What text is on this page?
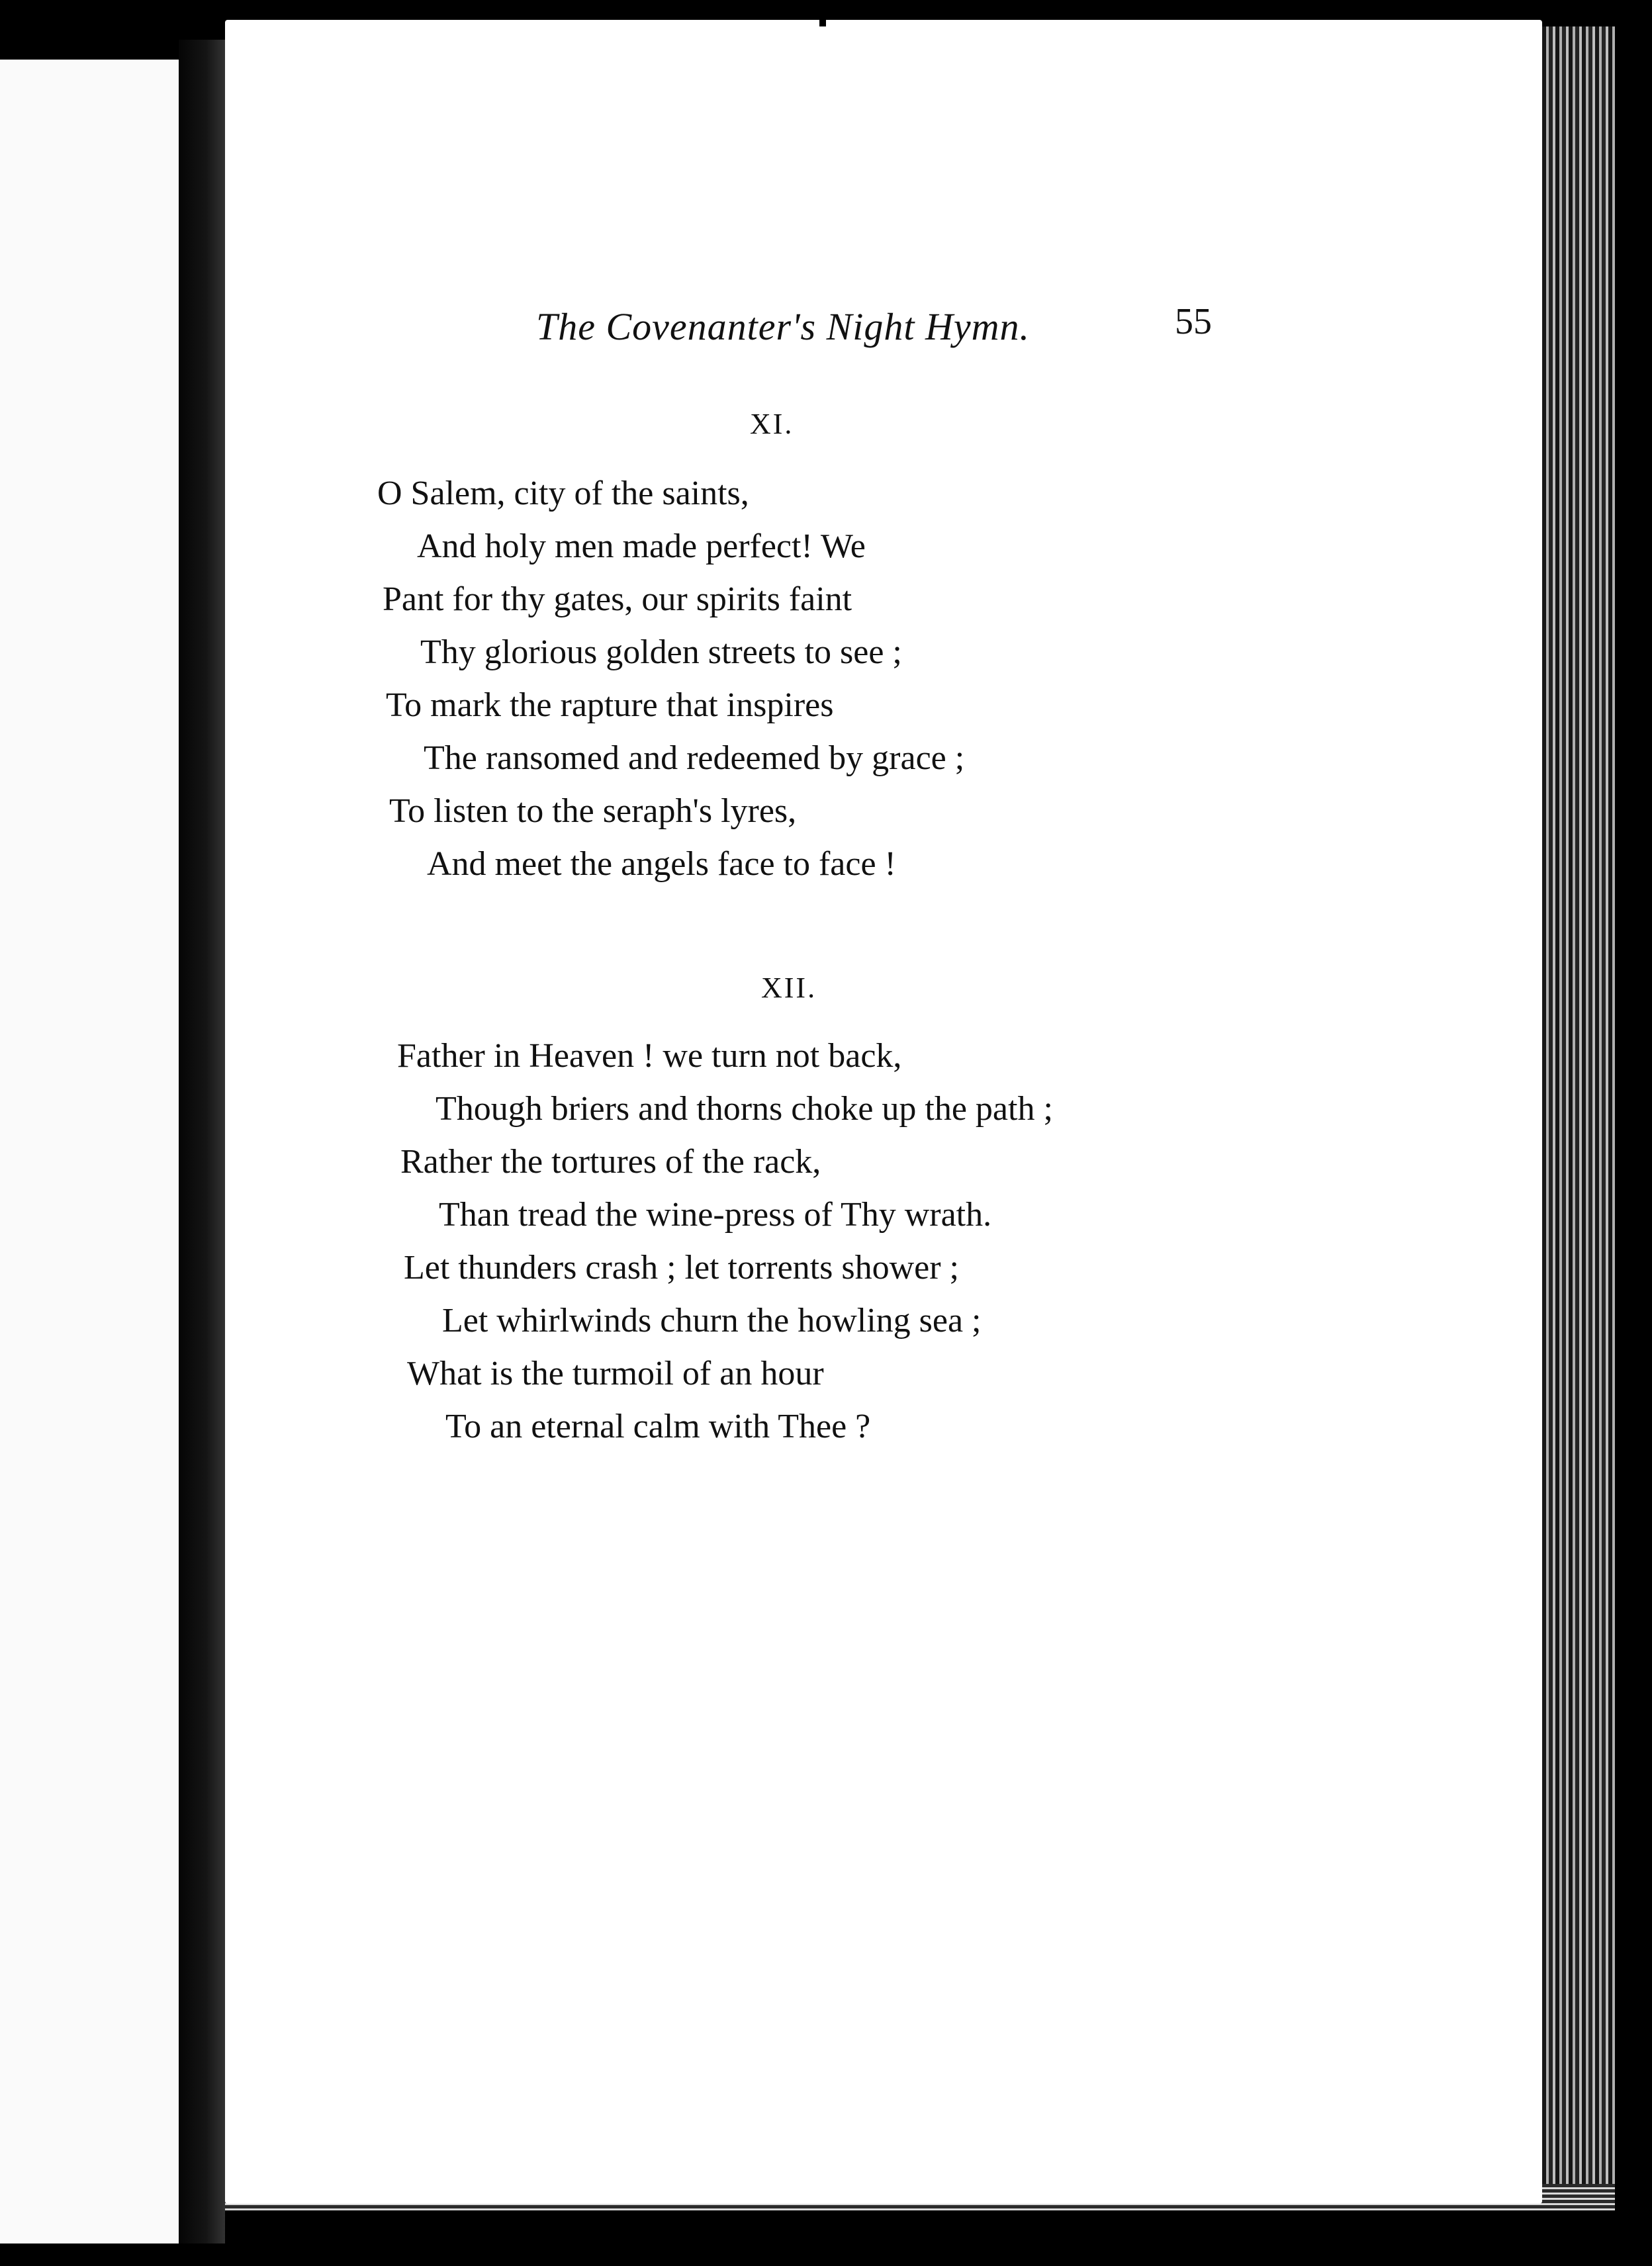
The Covenanter's Night Hymn.	55
XI.
O Salem, city of the saints,
And holy men made perfect! We
Pant for thy gates, our spirits faint
Thy glorious golden streets to see ;
To mark the rapture that inspires
The ransomed and redeemed by grace ;
To listen to the seraph's lyres,
And meet the angels face to face !
XII.
Father in Heaven ! we turn not back,
Though briers and thorns choke up the path ;
Rather the tortures of the rack,
Than tread the wine-press of Thy wrath.
Let thunders crash ; let torrents shower ;
Let whirlwinds churn the howling sea ;
What is the turmoil of an hour
To an eternal calm with Thee ?
